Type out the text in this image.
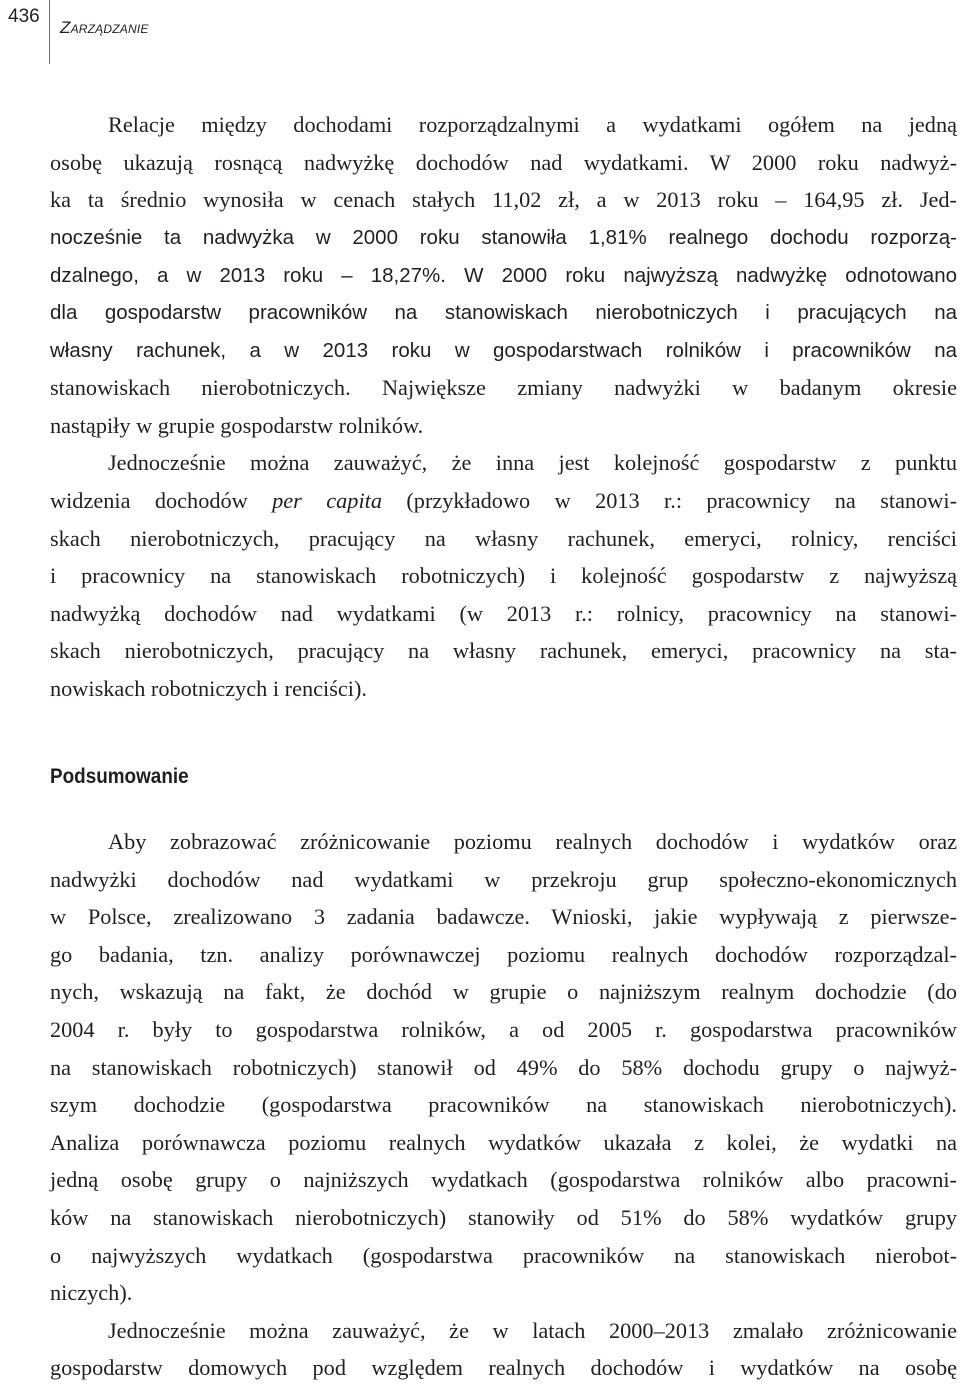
436
Zarządzanie
Relacje między dochodami rozporządzalnymi a wydatkami ogółem na jedną
osobę ukazują rosnącą nadwyżkę dochodów nad wydatkami. W 2000 roku nadwyż-
ka ta średnio wynosiła w cenach stałych 11,02 zł, a w 2013 roku – 164,95 zł. Jed-
nocześnie ta nadwyżka w 2000 roku stanowiła 1,81% realnego dochodu rozporzą-
dzalnego, a w 2013 roku – 18,27%. W 2000 roku najwyższą nadwyżkę odnotowano
dla gospodarstw pracowników na stanowiskach nierobotniczych i pracujących na
własny rachunek, a w 2013 roku w gospodarstwach rolników i pracowników na
stanowiskach nierobotniczych. Największe zmiany nadwyżki w badanym okresie
nastąpiły w grupie gospodarstw rolników.
Jednocześnie można zauważyć, że inna jest kolejność gospodarstw z punktu
widzenia dochodów per capita (przykładowo w 2013 r.: pracownicy na stanowi-
skach nierobotniczych, pracujący na własny rachunek, emeryci, rolnicy, renciści
i pracownicy na stanowiskach robotniczych) i kolejność gospodarstw z najwyższą
nadwyżką dochodów nad wydatkami (w 2013 r.: rolnicy, pracownicy na stanowi-
skach nierobotniczych, pracujący na własny rachunek, emeryci, pracownicy na sta-
nowiskach robotniczych i renciści).
Podsumowanie
Aby zobrazować zróżnicowanie poziomu realnych dochodów i wydatków oraz
nadwyżki dochodów nad wydatkami w przekroju grup społeczno-ekonomicznych
w Polsce, zrealizowano 3 zadania badawcze. Wnioski, jakie wypływają z pierwsze-
go badania, tzn. analizy porównawczej poziomu realnych dochodów rozporządzal-
nych, wskazują na fakt, że dochód w grupie o najniższym realnym dochodzie (do
2004 r. były to gospodarstwa rolników, a od 2005 r. gospodarstwa pracowników
na stanowiskach robotniczych) stanowił od 49% do 58% dochodu grupy o najwyż-
szym dochodzie (gospodarstwa pracowników na stanowiskach nierobotniczych).
Analiza porównawcza poziomu realnych wydatków ukazała z kolei, że wydatki na
jedną osobę grupy o najniższych wydatkach (gospodarstwa rolników albo pracowni-
ków na stanowiskach nierobotniczych) stanowiły od 51% do 58% wydatków grupy
o najwyższych wydatkach (gospodarstwa pracowników na stanowiskach nierobot-
niczych).
Jednocześnie można zauważyć, że w latach 2000–2013 zmalało zróżnicowanie
gospodarstw domowych pod względem realnych dochodów i wydatków na osobę
